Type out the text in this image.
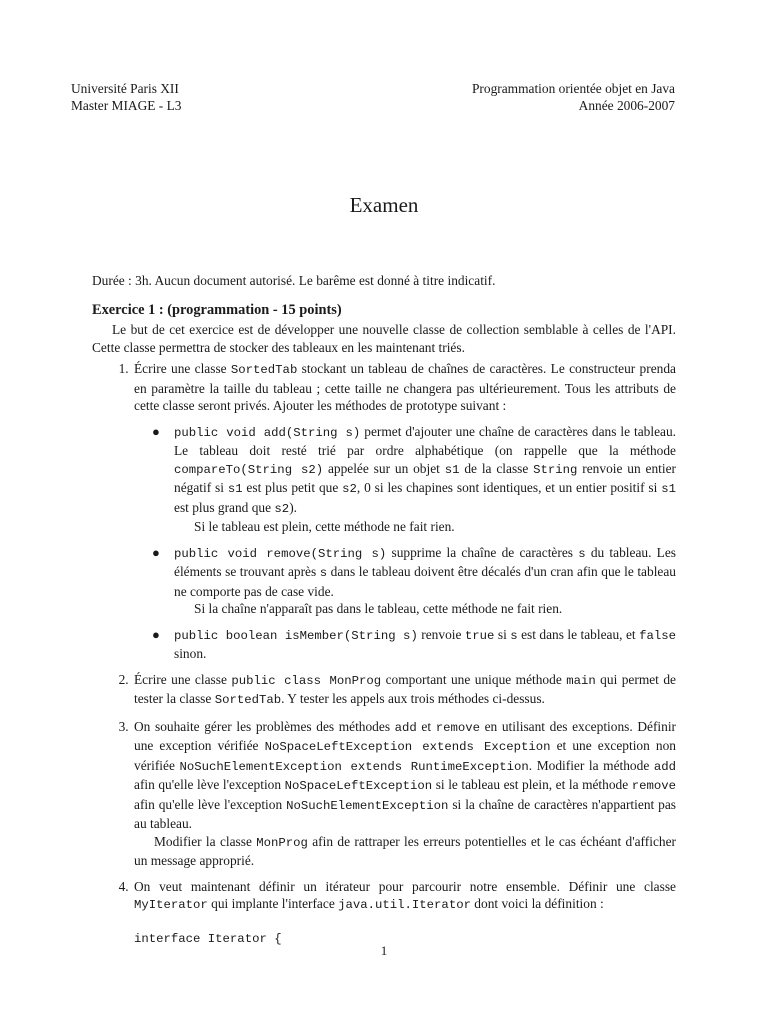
Université Paris XII
Master MIAGE - L3
Programmation orientée objet en Java
Année 2006-2007
Examen

Durée : 3h. Aucun document autorisé. Le barême est donné à titre indicatif.

Exercice 1 : (programmation - 15 points)

Le but de cet exercice est de développer une nouvelle classe de collection semblable à celles de l'API. Cette classe permettra de stocker des tableaux en les maintenant triés.

1. Écrire une classe SortedTab stockant un tableau de chaînes de caractères. Le constructeur prenda en paramètre la taille du tableau ; cette taille ne changera pas ultérieurement. Tous les attributs de cette classe seront privés. Ajouter les méthodes de prototype suivant :
● public void add(String s) permet d'ajouter une chaîne de caractères dans le tableau. Le tableau doit resté trié par ordre alphabétique (on rappelle que la méthode compareTo(String s2) appelée sur un objet s1 de la classe String renvoie un entier négatif si s1 est plus petit que s2, 0 si les chapines sont identiques, et un entier positif si s1 est plus grand que s2).
Si le tableau est plein, cette méthode ne fait rien.
● public void remove(String s) supprime la chaîne de caractères s du tableau. Les éléments se trouvant après s dans le tableau doivent être décalés d'un cran afin que le tableau ne comporte pas de case vide.
Si la chaîne n'apparaît pas dans le tableau, cette méthode ne fait rien.
● public boolean isMember(String s) renvoie true si s est dans le tableau, et false sinon.
2. Écrire une classe public class MonProg comportant une unique méthode main qui permet de tester la classe SortedTab. Y tester les appels aux trois méthodes ci-dessus.
3. On souhaite gérer les problèmes des méthodes add et remove en utilisant des exceptions. Définir une exception vérifiée NoSpaceLeftException extends Exception et une exception non vérifiée NoSuchElementException extends RuntimeException. Modifier la méthode add afin qu'elle lève l'exception NoSpaceLeftException si le tableau est plein, et la méthode remove afin qu'elle lève l'exception NoSuchElementException si la chaîne de caractères n'appartient pas au tableau.
Modifier la classe MonProg afin de rattraper les erreurs potentielles et le cas échéant d'afficher un message approprié.
4. On veut maintenant définir un itérateur pour parcourir notre ensemble. Définir une classe MyIterator qui implante l'interface java.util.Iterator dont voici la définition :
interface Iterator {
1
